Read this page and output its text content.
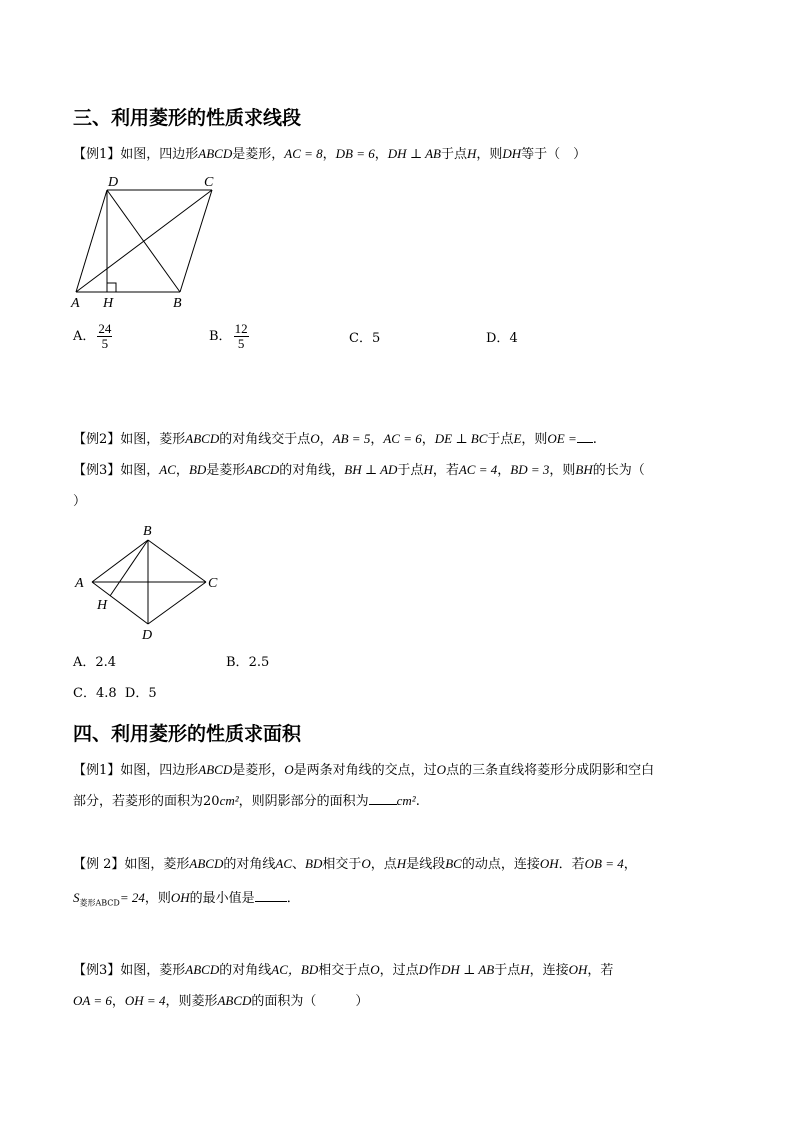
三、利用菱形的性质求线段
【例1】如图，四边形ABCD是菱形，AC = 8，DB = 6，DH ⊥ AB于点H，则DH等于（　）
D	C
A H	B
A． $\frac{24}{5}$	B． $\frac{12}{5}$	C．5	D．4
【例2】如图，菱形ABCD的对角线交于点O，AB = 5，AC = 6，DE ⊥ BC于点E，则OE = .
【例3】如图，AC，BD是菱形ABCD的对角线，BH ⊥ AD于点H，若AC = 4，BD = 3，则BH的长为（
）
B
A	C
H
D
A．2.4	B．2.5
C．4.8 D．5
四、利用菱形的性质求面积
【例1】如图，四边形ABCD是菱形，O是两条对角线的交点，过O点的三条直线将菱形分成阴影和空白
部分，若菱形的面积为20cm²，则阴影部分的面积为 cm².
【例 2】如图，菱形ABCD的对角线AC、BD相交于O，点H是线段BC的动点，连接OH．若OB = 4，
$S_{菱形ABCD}= 24$，则OH的最小值是 ．
【例3】如图，菱形ABCD的对角线AC，BD相交于点O，过点D作DH ⊥ AB于点H，连接OH，若
OA = 6，OH = 4，则菱形ABCD的面积为（　　　）
